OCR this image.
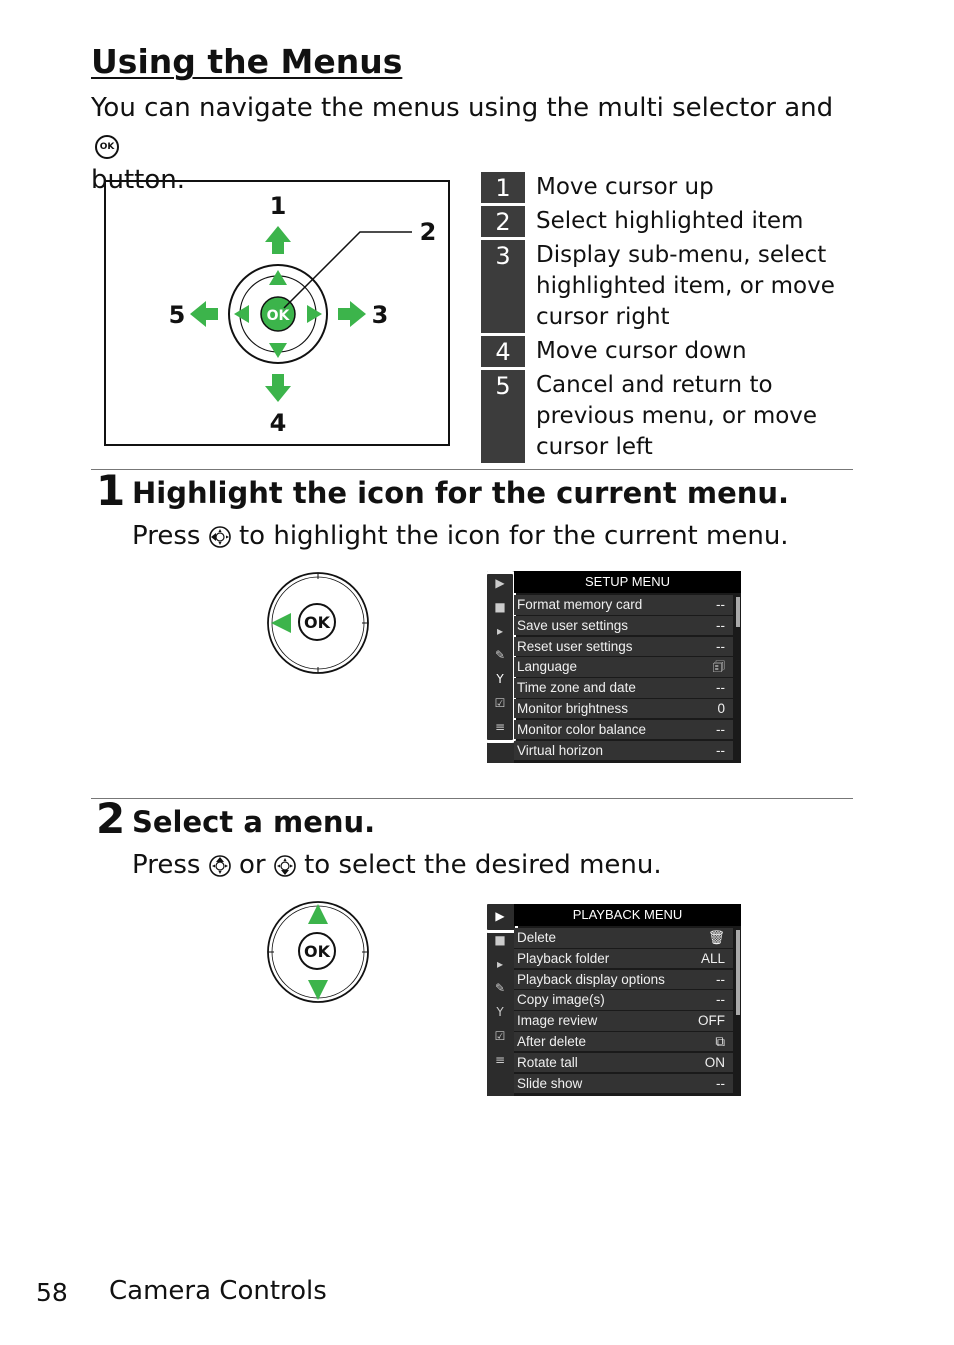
Using the Menus
You can navigate the menus using the multi selector andOK
button.
OK
1
2
3
4
5
1	Move cursor up
2	Select highlighted item
3	Display sub-menu, select highlighted item, or move cursor right
4	Move cursor down
5	Cancel and return to previous menu, or move cursor left
1 Highlight the icon for the current menu.
Press to highlight the icon for the current menu.
OK
▶
■
▸
✎
Y
☑
≡
SETUP MENU
Format memory card	--
Save user settings	--
Reset user settings	--
Language	🗊
Time zone and date	--
Monitor brightness	0
Monitor color balance	--
Virtual horizon	--
2 Select a menu.
Press or to select the desired menu.
OK
▶
■
▸
✎
Y
☑
≡
PLAYBACK MENU
Delete	🗑
Playback folder	ALL
Playback display options	--
Copy image(s)	--
Image review	OFF
After delete	⧉
Rotate tall	ON
Slide show	--
58 Camera Controls
